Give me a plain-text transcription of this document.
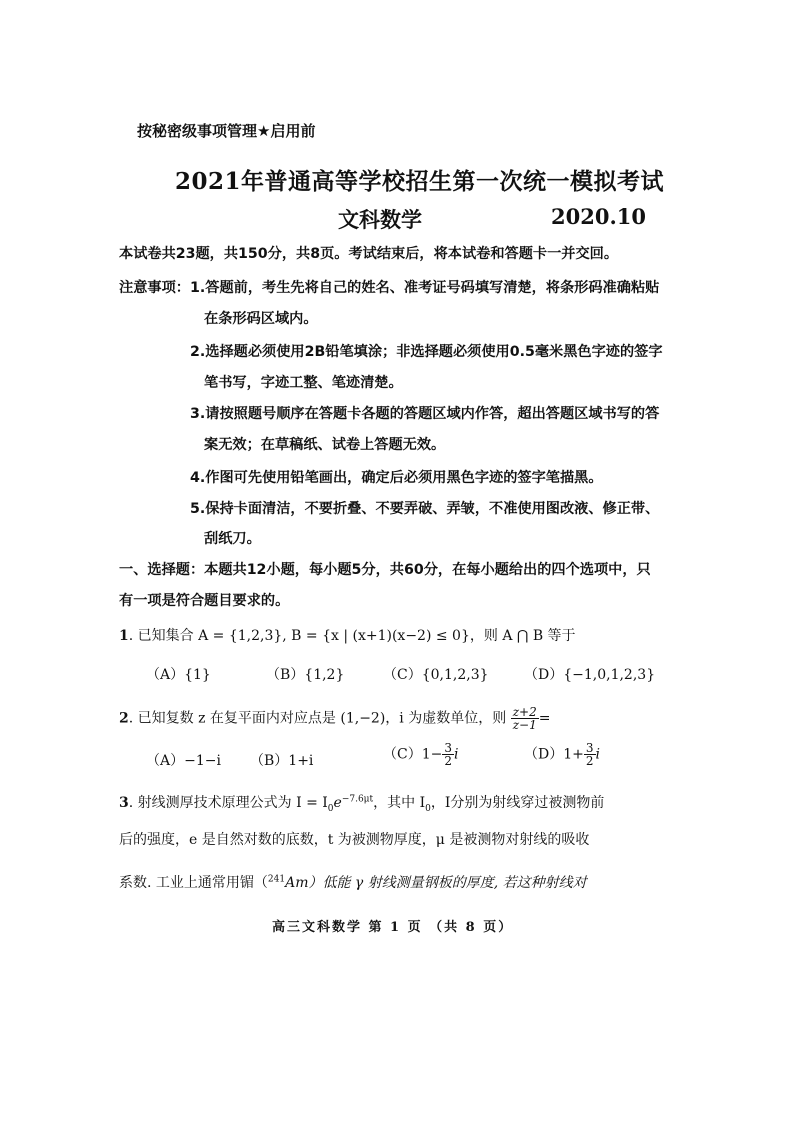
按秘密级事项管理★启用前
2021年普通高等学校招生第一次统一模拟考试
文科数学	2020.10
本试卷共23题，共150分，共8页。考试结束后，将本试卷和答题卡一并交回。
注意事项： 1.答题前，考生先将自己的姓名、准考证号码填写清楚，将条形码准确粘贴
在条形码区域内。
2.选择题必须使用2B铅笔填涂；非选择题必须使用0.5毫米黑色字迹的签字
笔书写，字迹工整、笔迹清楚。
3.请按照题号顺序在答题卡各题的答题区域内作答，超出答题区域书写的答
案无效；在草稿纸、试卷上答题无效。
4.作图可先使用铅笔画出，确定后必须用黑色字迹的签字笔描黑。
5.保持卡面清洁，不要折叠、不要弄破、弄皱，不准使用图改液、修正带、
刮纸刀。
一、选择题：本题共12小题，每小题5分，共60分，在每小题给出的四个选项中，只
有一项是符合题目要求的。
1. 已知集合 A = {1,2,3}, B = {x | (x+1)(x−2) ≤ 0}，则 A ⋂ B 等于
（A）{1}	（B）{1,2}	（C）{0,1,2,3}	（D）{−1,0,1,2,3}
2. 已知复数 z 在复平面内对应点是 (1,−2)，i 为虚数单位，则 $\frac{z+2}{z-1}$ =
（A）−1−i （B）1+i	$(C)1- \frac{3}{2}$ i	$(D)1+ \frac{3}{2}$ i
3. 射线测厚技术原理公式为 $I = I_0e^{-7.6\mu t}$，其中 $I_0$，I分别为射线穿过被测物前
后的强度，e 是自然对数的底数，t 为被测物厚度，μ 是被测物对射线的吸收
系数. 工业上通常用镅（$^{241}$Am）低能 γ 射线测量钢板的厚度, 若这种射线对
高三文科数学 第 1 页 （共 8 页）
